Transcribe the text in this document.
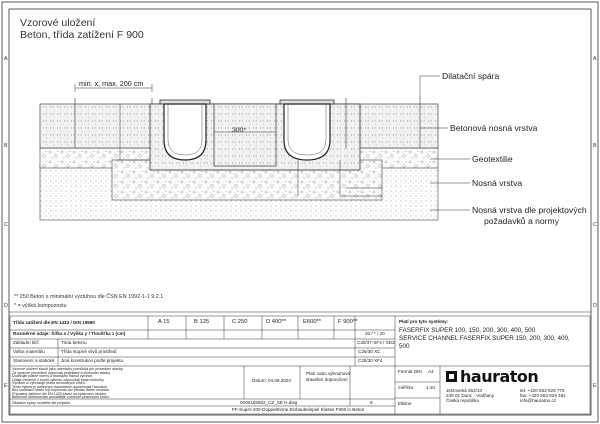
A
B
C
D
E
A
B
C
D
E
Vzorové uložení
Beton, třída zatížení F 900
min. x, max. 200 cm
300*
Dilatační spára
Betonová nosná vrstva
Geotextilie
Nosná vrstva
Nosná vrstva dle projektových
požadavků a normy
** 250 Beton s minimální výztuhou dle ČSN EN 1992-1-1 9.2.1
* = výšká kompozostu
Třída zatížení dle EN 1433 / DIN 19580	A 15	B 125	C 250	D 400**	E600**	F 900**
Rozměrné údaje: Šířka x / Výška y / Tloušťka z (cm)	20 / * / 20
Základní klíč	Trida betonu	C30/37-XF4 / XD3
Volba materiálu	Třída stupně vlivů prostředí	C25/30 XC
Stanovení a statické Jiná konstrukce podle projektu	C25/30 XF4
Platí pro tyto systémy:
FASERFIX SUPER 100, 150, 200, 300, 400, 500
SERVICE CHANNEL FASERFIX SUPER 150, 200, 300, 400,
500
Vzorové uložení slouží jako orientační pomůcka pro provedení stavby.
Za správné provedení odpovídá projektant a zhotovitel stavby.
Dodržujte platné normy a montážní návod výrobce.
Údaje uvedené v tomto výkresu odpovídají stavu techniky.
Výrobce si vyhrazuje právo technických změn.
Tento výkres je duševním vlastnictvím společnosti Hauraton.
Bez souhlasu nesmí být kopírován ani předán třetím osobám.
Přípustné zatížení dle EN 1433 závisí na správném uložení.
Betonové obetonování provádějte v jednom pracovním kroku.
Dilatační spáry umístěte dle projektu.
Datum: 04.06.2024
Platí nabo výbouhová
stavební doporučení
0000165662_CZ_SE H.dwg	6
FF-Super-200-Doppeltrinne Einbaubeispiel Klasse F900 in Beton
Formát DIN A4
měřítko	1:10
Elkline
hauraton
Jetzoveká 652/10
249 01 Dunc - Vodňany
Česká republika
tel: +420 553 629 776
fax: +420 553 629 461
info@hauraton.cz
